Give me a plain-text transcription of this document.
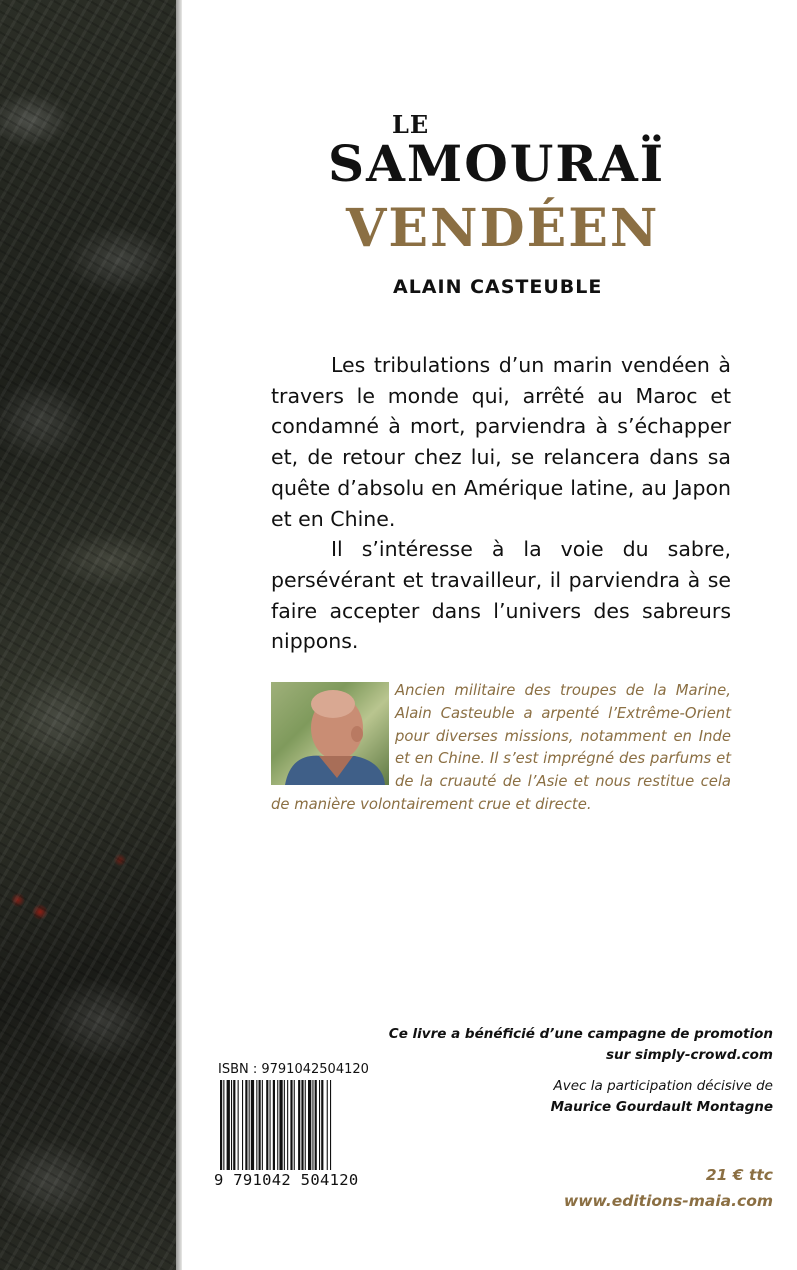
LE
SAMOURAÏ
VENDÉEN
ALAIN CASTEUBLE

Les tribulations d’un marin vendéen à travers le monde qui, arrêté au Maroc et condamné à mort, parviendra à s’échapper et, de retour chez lui, se relancera dans sa quête d’absolu en Amérique latine, au Japon et en Chine.

Il s’intéresse à la voie du sabre, persévérant et travailleur, il parviendra à se faire accepter dans l’univers des sabreurs nippons.

Ancien militaire des troupes de la Marine, Alain Casteuble a arpenté l’Extrême-Orient pour diverses missions, notamment en Inde et en Chine. Il s’est imprégné des parfums et de la cruauté de l’Asie et nous restitue cela de manière volontairement crue et directe.
Ce livre a bénéficié d’une campagne de promotion
sur simply-crowd.com
Avec la participation décisive de
Maurice Gourdault Montagne
21 € ttc
www.editions-maia.com
ISBN : 9791042504120
9 791042 504120
